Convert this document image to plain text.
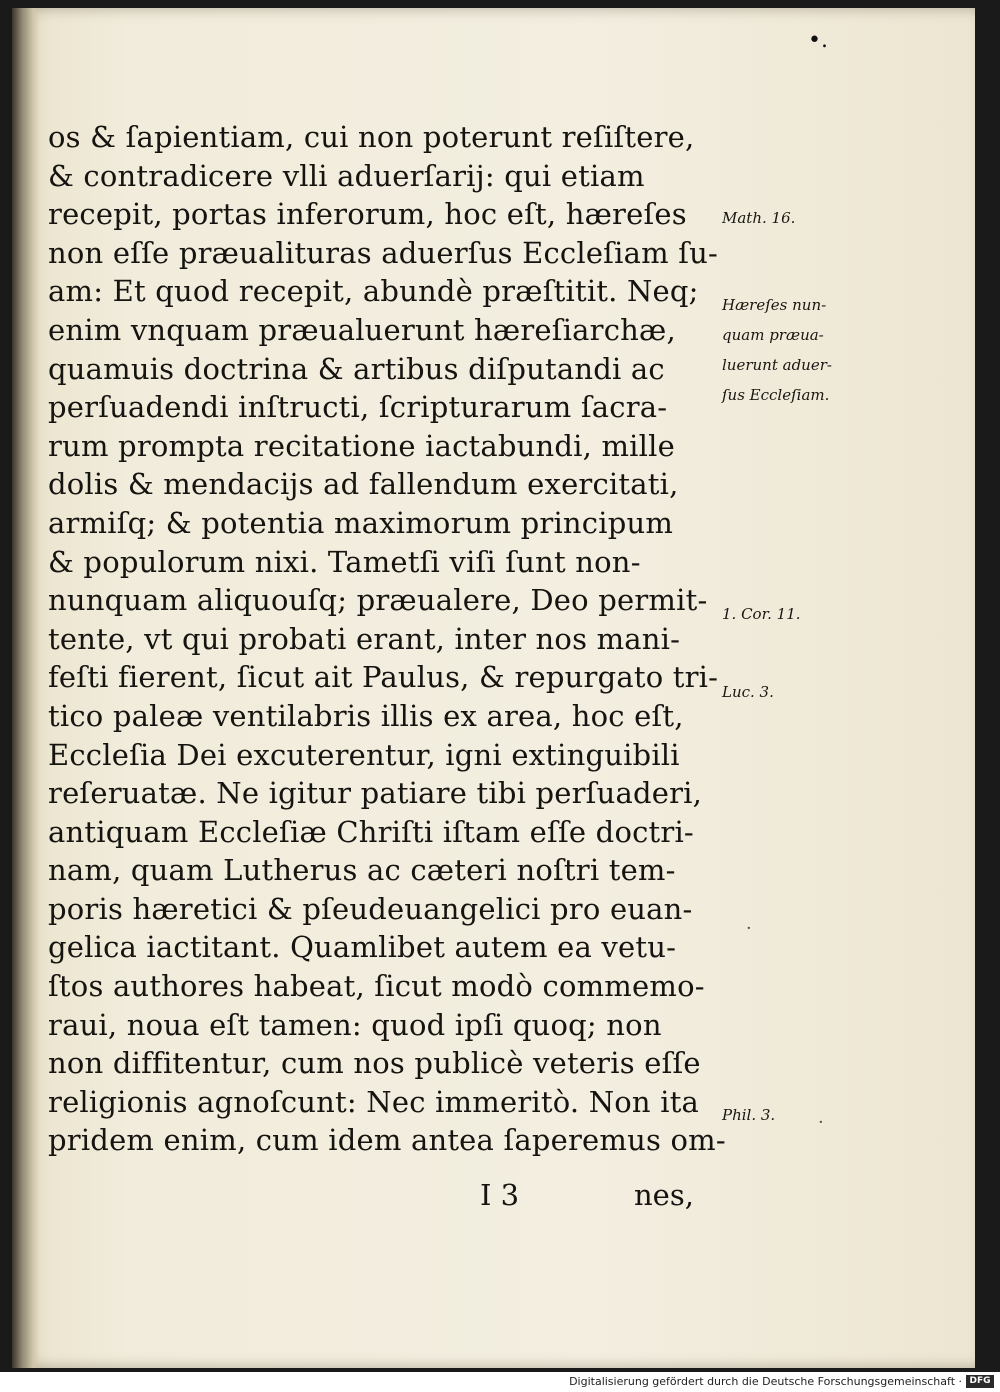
•.
os & ſapientiam, cui non poterunt reſiſtere,
& contradicere vlli aduerſarij: qui etiam
recepit, portas inferorum, hoc eſt, hæreſes
non eſſe præualituras aduerſus Eccleſiam ſu-
am: Et quod recepit, abundè præſtitit. Neq;
enim vnquam præualuerunt hæreſiarchæ,
quamuis doctrina & artibus diſputandi ac
perſuadendi inſtructi, ſcripturarum ſacra-
rum prompta recitatione iactabundi, mille
dolis & mendacijs ad fallendum exercitati,
armiſq; & potentia maximorum principum
& populorum nixi. Tametſi viſi ſunt non-
nunquam aliquouſq; præualere, Deo permit-
tente, vt qui probati erant, inter nos mani-
feſti fierent, ſicut ait Paulus, & repurgato tri-
tico paleæ ventilabris illis ex area, hoc eſt,
Eccleſia Dei excuterentur, igni extinguibili
reſeruatæ. Ne igitur patiare tibi perſuaderi,
antiquam Eccleſiæ Chriſti iſtam eſſe doctri-
nam, quam Lutherus ac cæteri noſtri tem-
poris hæretici & pſeudeuangelici pro euan-
gelica iactitant. Quamlibet autem ea vetu-
ſtos authores habeat, ſicut modò commemo-
raui, noua eſt tamen: quod ipſi quoq; non
non diffitentur, cum nos publicè veteris eſſe
religionis agnoſcunt: Nec immeritò. Non ita
pridem enim, cum idem antea ſaperemus om-
Math. 16.
Hæreſes nun-
quam præua-
luerunt aduer-
ſus Eccleſiam.
1. Cor. 11.
Luc. 3.
Phil. 3.
·
·
I 3	nes,
Digitalisierung gefördert durch die Deutsche Forschungsgemeinschaft · DFG
